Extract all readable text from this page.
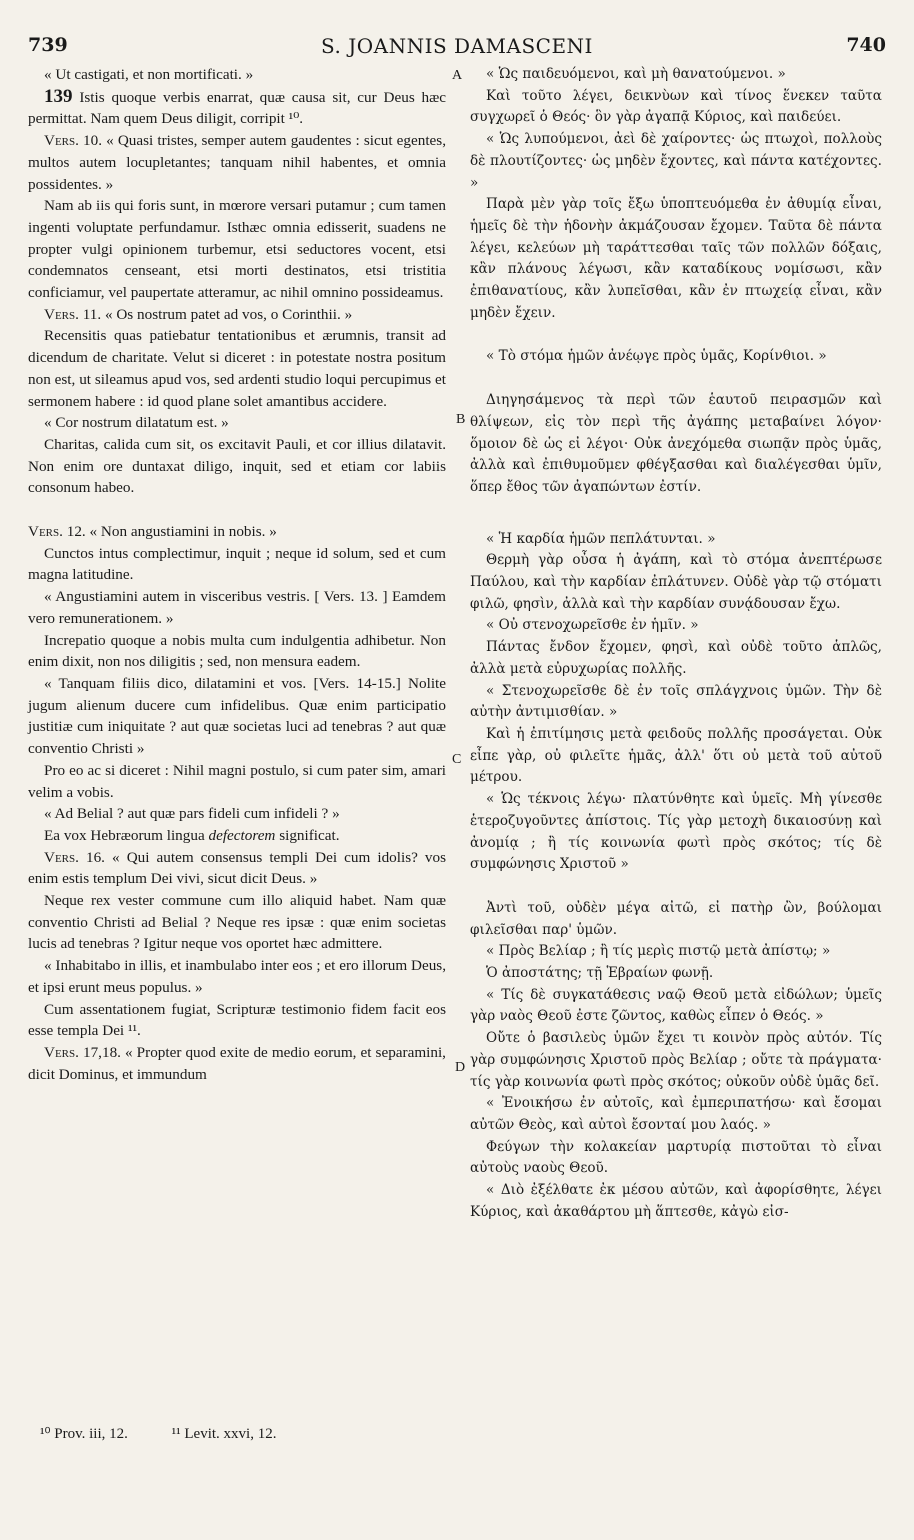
739	S. JOANNIS DAMASCENI	740
A
B
C
D

« Ut castigati, et non mortificati. »

139 Istis quoque verbis enarrat, quæ causa sit, cur Deus hæc permittat. Nam quem Deus diligit, corripit ¹⁰.

Vers. 10. « Quasi tristes, semper autem gaudentes : sicut egentes, multos autem locupletantes; tanquam nihil habentes, et omnia possidentes. »

Nam ab iis qui foris sunt, in mœrore versari putamur ; cum tamen ingenti voluptate perfundamur. Isthæc omnia edisserit, suadens ne propter vulgi opinionem turbemur, etsi seductores vocent, etsi condemnatos censeant, etsi morti destinatos, etsi tristitia conficiamur, vel paupertate atteramur, ac nihil omnino possideamus.

Vers. 11. « Os nostrum patet ad vos, o Corinthii. »

Recensitis quas patiebatur tentationibus et ærumnis, transit ad dicendum de charitate. Velut si diceret : in potestate nostra positum non est, ut sileamus apud vos, sed ardenti studio loqui percupimus et sermonem habere : id quod plane solet amantibus accidere.

« Cor nostrum dilatatum est. »

Charitas, calida cum sit, os excitavit Pauli, et cor illius dilatavit. Non enim ore duntaxat diligo, inquit, sed et etiam cor labiis consonum habeo.

Vers. 12. « Non angustiamini in nobis. »

Cunctos intus complectimur, inquit ; neque id solum, sed et cum magna latitudine.

« Angustiamini autem in visceribus vestris. [ Vers. 13. ] Eamdem vero remunerationem. »

Increpatio quoque a nobis multa cum indulgentia adhibetur. Non enim dixit, non nos diligitis ; sed, non mensura eadem.

« Tanquam filiis dico, dilatamini et vos. [Vers. 14-15.] Nolite jugum alienum ducere cum infidelibus. Quæ enim participatio justitiæ cum iniquitate ? aut quæ societas luci ad tenebras ? aut quæ conventio Christi »

Pro eo ac si diceret : Nihil magni postulo, si cum pater sim, amari velim a vobis.

« Ad Belial ? aut quæ pars fideli cum infideli ? »

Ea vox Hebræorum lingua defectorem significat.

Vers. 16. « Qui autem consensus templi Dei cum idolis? vos enim estis templum Dei vivi, sicut dicit Deus. »

Neque rex vester commune cum illo aliquid habet. Nam quæ conventio Christi ad Belial ? Neque res ipsæ : quæ enim societas lucis ad tenebras ? Igitur neque vos oportet hæc admittere.

« Inhabitabo in illis, et inambulabo inter eos ; et ero illorum Deus, et ipsi erunt meus populus. »

Cum assentationem fugiat, Scripturæ testimonio fidem facit eos esse templa Dei ¹¹.

Vers. 17,18. « Propter quod exite de medio eorum, et separamini, dicit Dominus, et immundum

« Ὡς παιδευόμενοι, καὶ μὴ θανατούμενοι. »

Καὶ τοῦτο λέγει, δεικνὺων καὶ τίνος ἕνεκεν ταῦτα συγχωρεῖ ὁ Θεός· ὃν γὰρ ἀγαπᾷ Κύριος, καὶ παιδεύει.

« Ὡς λυπούμενοι, ἀεὶ δὲ χαίροντες· ὡς πτωχοὶ, πολλοὺς δὲ πλουτίζοντες· ὡς μηδὲν ἔχοντες, καὶ πάντα κατέχοντες. »

Παρὰ μὲν γὰρ τοῖς ἔξω ὑποπτευόμεθα ἐν ἀθυμίᾳ εἶναι, ἡμεῖς δὲ τὴν ἡδονὴν ἀκμάζουσαν ἔχομεν. Ταῦτα δὲ πάντα λέγει, κελεύων μὴ ταράττεσθαι ταῖς τῶν πολλῶν δόξαις, κἂν πλάνους λέγωσι, κἂν καταδίκους νομίσωσι, κἂν ἐπιθανατίους, κἂν λυπεῖσθαι, κἂν ἐν πτωχείᾳ εἶναι, κἂν μηδὲν ἔχειν.

« Τὸ στόμα ἡμῶν ἀνέῳγε πρὸς ὑμᾶς, Κορίνθιοι. »

Διηγησάμενος τὰ περὶ τῶν ἑαυτοῦ πειρασμῶν καὶ θλίψεων, εἰς τὸν περὶ τῆς ἀγάπης μεταβαίνει λόγον· ὅμοιον δὲ ὡς εἰ λέγοι· Οὐκ ἀνεχόμεθα σιωπᾷν πρὸς ὑμᾶς, ἀλλὰ καὶ ἐπιθυμοῦμεν φθέγξασθαι καὶ διαλέγεσθαι ὑμῖν, ὅπερ ἔθος τῶν ἀγαπώντων ἐστίν.

« Ἡ καρδία ἡμῶν πεπλάτυνται. »

Θερμὴ γὰρ οὖσα ἡ ἀγάπη, καὶ τὸ στόμα ἀνεπτέρωσε Παύλου, καὶ τὴν καρδίαν ἐπλάτυνεν. Οὐδὲ γὰρ τῷ στόματι φιλῶ, φησὶν, ἀλλὰ καὶ τὴν καρδίαν συνᾴδουσαν ἔχω.

« Οὐ στενοχωρεῖσθε ἐν ἡμῖν. »

Πάντας ἔνδον ἔχομεν, φησὶ, καὶ οὐδὲ τοῦτο ἁπλῶς, ἀλλὰ μετὰ εὐρυχωρίας πολλῆς.

« Στενοχωρεῖσθε δὲ ἐν τοῖς σπλάγχνοις ὑμῶν. Τὴν δὲ αὐτὴν ἀντιμισθίαν. »

Καὶ ἡ ἐπιτίμησις μετὰ φειδοῦς πολλῆς προσάγεται. Οὐκ εἶπε γὰρ, οὐ φιλεῖτε ἡμᾶς, ἀλλ' ὅτι οὐ μετὰ τοῦ αὐτοῦ μέτρου.

« Ὡς τέκνοις λέγω· πλατύνθητε καὶ ὑμεῖς. Μὴ γίνεσθε ἑτεροζυγοῦντες ἀπίστοις. Τίς γὰρ μετοχὴ δικαιοσύνῃ καὶ ἀνομίᾳ ; ἢ τίς κοινωνία φωτὶ πρὸς σκότος; τίς δὲ συμφώνησις Χριστοῦ »

Ἀντὶ τοῦ, οὐδὲν μέγα αἰτῶ, εἰ πατὴρ ὢν, βούλομαι φιλεῖσθαι παρ' ὑμῶν.

« Πρὸς Βελίαρ ; ἢ τίς μερὶς πιστῷ μετὰ ἀπίστῳ; »

Ὁ ἀποστάτης; τῇ Ἑβραίων φωνῇ.

« Τίς δὲ συγκατάθεσις ναῷ Θεοῦ μετὰ εἰδώλων; ὑμεῖς γὰρ ναὸς Θεοῦ ἐστε ζῶντος, καθὼς εἶπεν ὁ Θεός. »

Οὔτε ὁ βασιλεὺς ὑμῶν ἔχει τι κοινὸν πρὸς αὐτόν. Τίς γὰρ συμφώνησις Χριστοῦ πρὸς Βελίαρ ; οὔτε τὰ πράγματα· τίς γὰρ κοινωνία φωτὶ πρὸς σκότος; οὐκοῦν οὐδὲ ὑμᾶς δεῖ.

« Ἐνοικήσω ἐν αὐτοῖς, καὶ ἐμπεριπατήσω· καὶ ἔσομαι αὐτῶν Θεὸς, καὶ αὐτοὶ ἔσονταί μου λαός. »

Φεύγων τὴν κολακείαν μαρτυρίᾳ πιστοῦται τὸ εἶναι αὐτοὺς ναοὺς Θεοῦ.

« Διὸ ἐξέλθατε ἐκ μέσου αὐτῶν, καὶ ἀφορίσθητε, λέγει Κύριος, καὶ ἀκαθάρτου μὴ ἅπτεσθε, κἀγὼ εἰσ-

¹⁰ Prov. iii, 12.	¹¹ Levit. xxvi, 12.
